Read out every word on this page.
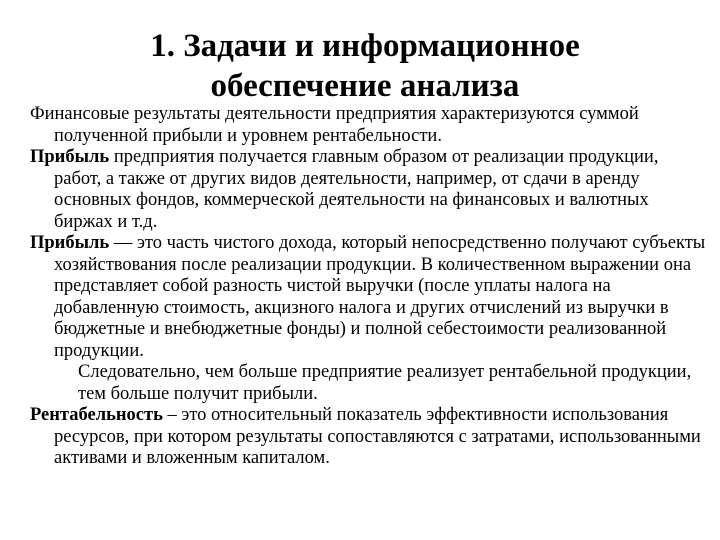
1. Задачи и информационное
обеспечение анализа

Финансовые результаты деятельности предприятия характеризуются суммой полученной прибыли и уровнем рентабельности.

Прибыль предприятия получается главным образом от реализации продукции, работ, а также от других видов деятельности, например, от сдачи в аренду основных фондов, коммерческой деятельности на финансовых и валютных биржах и т.д.

Прибыль — это часть чистого дохода, который непосредственно получают субъекты хозяйствования после реализации продукции. В количественном выражении она представляет собой разность чистой выручки (после уплаты налога на добавленную стоимость, акцизного налога и других отчислений из выручки в бюджетные и внебюджетные фонды) и полной себестоимости реализованной продукции.
Следовательно, чем больше предприятие реализует рентабельной продукции, тем больше получит прибыли.

Рентабельность – это относительный показатель эффективности использования ресурсов, при котором результаты сопоставляются с затратами, использованными активами и вложенным капиталом.
